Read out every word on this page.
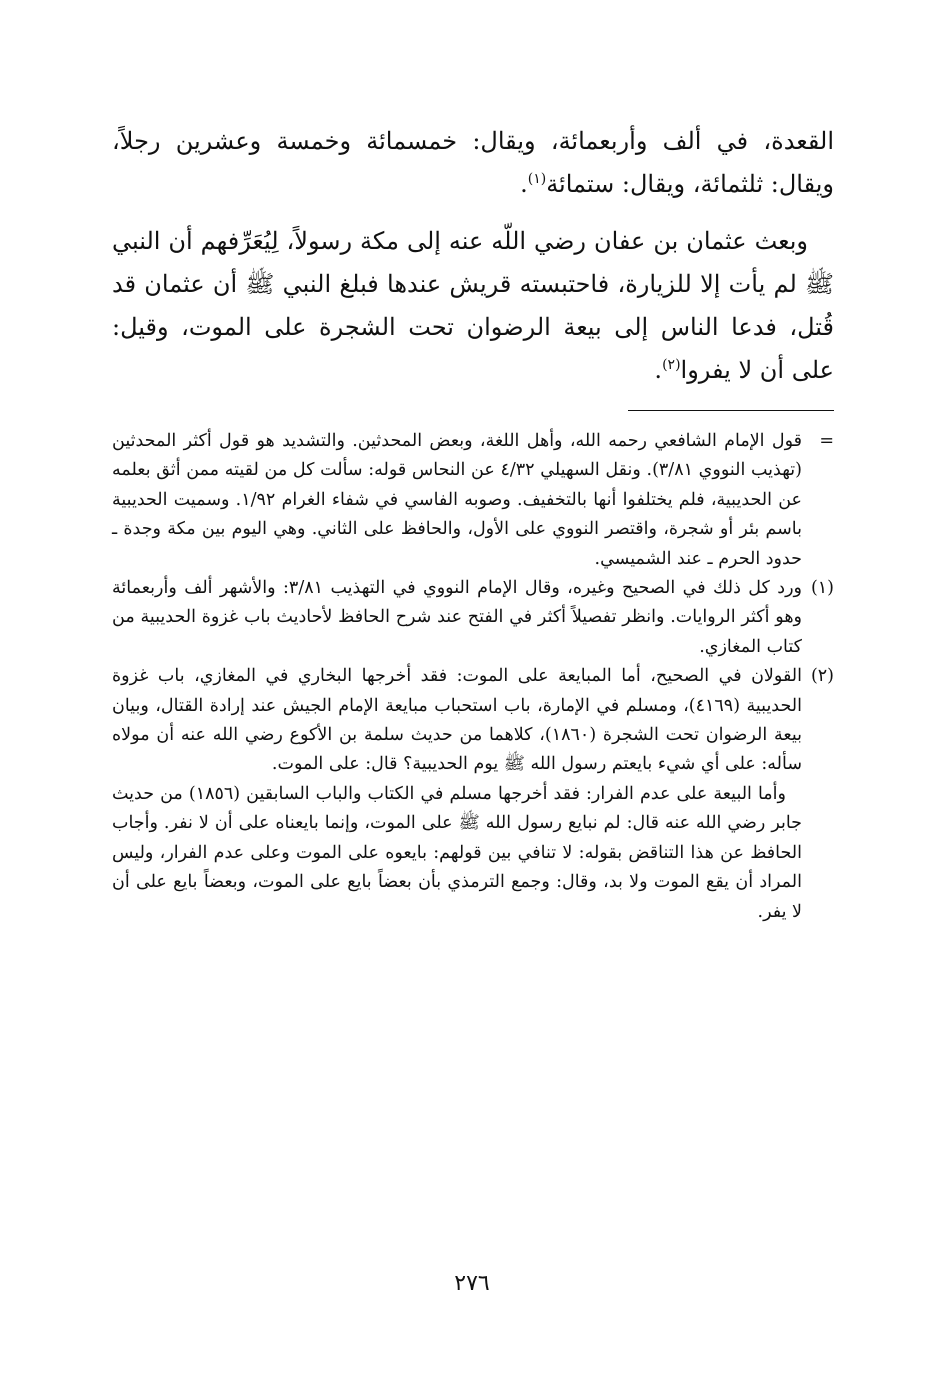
القعدة، في ألف وأربعمائة، ويقال: خمسمائة وخمسة وعشرين رجلاً، ويقال: ثلثمائة، ويقال: ستمائة$^{(١)}$.

وبعث عثمان بن عفان رضي اللّه عنه إلى مكة رسولاً، لِيُعَرِّفهم أن النبي ﷺ لم يأت إلا للزيارة، فاحتبسته قريش عندها فبلغ النبي ﷺ أن عثمان قد قُتل، فدعا الناس إلى بيعة الرضوان تحت الشجرة على الموت، وقيل: على أن لا يفروا$^{(٢)}$.

=

قول الإمام الشافعي رحمه الله، وأهل اللغة، وبعض المحدثين. والتشديد هو قول أكثر المحدثين (تهذيب النووي ٣/٨١). ونقل السهيلي ٤/٣٢ عن النحاس قوله: سألت كل من لقيته ممن أثق بعلمه عن الحديبية، فلم يختلفوا أنها بالتخفيف. وصوبه الفاسي في شفاء الغرام ١/٩٢. وسميت الحديبية باسم بئر أو شجرة، واقتصر النووي على الأول، والحافظ على الثاني. وهي اليوم بين مكة وجدة ـ حدود الحرم ـ عند الشميسي.

(١)

ورد كل ذلك في الصحيح وغيره، وقال الإمام النووي في التهذيب ٣/٨١: والأشهر ألف وأربعمائة وهو أكثر الروايات. وانظر تفصيلاً أكثر في الفتح عند شرح الحافظ لأحاديث باب غزوة الحديبية من كتاب المغازي.

(٢)

القولان في الصحيح، أما المبايعة على الموت: فقد أخرجها البخاري في المغازي، باب غزوة الحديبية (٤١٦٩)، ومسلم في الإمارة، باب استحباب مبايعة الإمام الجيش عند إرادة القتال، وبيان بيعة الرضوان تحت الشجرة (١٨٦٠)، كلاهما من حديث سلمة بن الأكوع رضي الله عنه أن مولاه سأله: على أي شيء بايعتم رسول الله ﷺ يوم الحديبية؟ قال: على الموت.

وأما البيعة على عدم الفرار: فقد أخرجها مسلم في الكتاب والباب السابقين (١٨٥٦) من حديث جابر رضي الله عنه قال: لم نبايع رسول الله ﷺ على الموت، وإنما بايعناه على أن لا نفر. وأجاب الحافظ عن هذا التناقض بقوله: لا تنافي بين قولهم: بايعوه على الموت وعلى عدم الفرار، وليس المراد أن يقع الموت ولا بد، وقال: وجمع الترمذي بأن بعضاً بايع على الموت، وبعضاً بايع على أن لا يفر.

٢٧٦
